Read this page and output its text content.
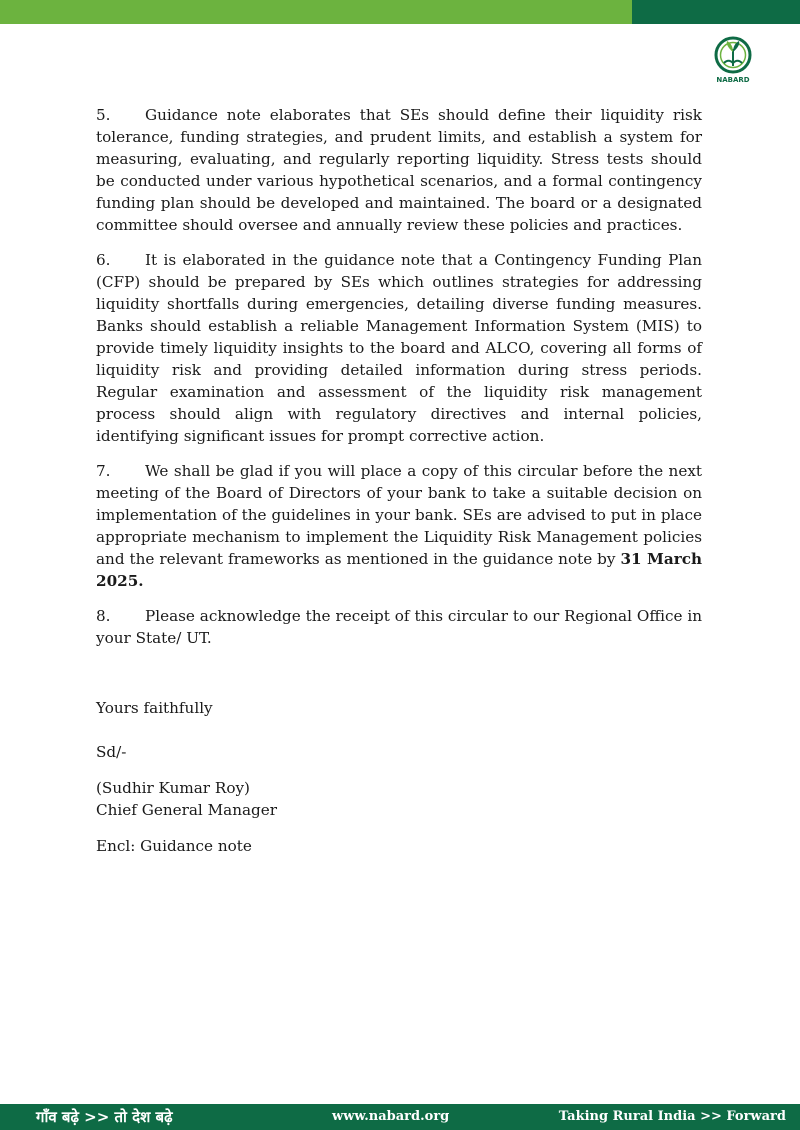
NABARD

5. Guidance note elaborates that SEs should define their liquidity risk tolerance, funding strategies, and prudent limits, and establish a system for measuring, evaluating, and regularly reporting liquidity. Stress tests should be conducted under various hypothetical scenarios, and a formal contingency funding plan should be developed and maintained. The board or a designated committee should oversee and annually review these policies and practices.

6. It is elaborated in the guidance note that a Contingency Funding Plan (CFP) should be prepared by SEs which outlines strategies for addressing liquidity shortfalls during emergencies, detailing diverse funding measures. Banks should establish a reliable Management Information System (MIS) to provide timely liquidity insights to the board and ALCO, covering all forms of liquidity risk and providing detailed information during stress periods. Regular examination and assessment of the liquidity risk management process should align with regulatory directives and internal policies, identifying significant issues for prompt corrective action.

7. We shall be glad if you will place a copy of this circular before the next meeting of the Board of Directors of your bank to take a suitable decision on implementation of the guidelines in your bank. SEs are advised to put in place appropriate mechanism to implement the Liquidity Risk Management policies and the relevant frameworks as mentioned in the guidance note by 31 March 2025.

8. Please acknowledge the receipt of this circular to our Regional Office in your State/ UT.

Yours faithfully

Sd/-

(Sudhir Kumar Roy)

Chief General Manager

Encl: Guidance note

गाँव बढ़े >> तो देश बढ़े	www.nabard.org	Taking Rural India >> Forward
